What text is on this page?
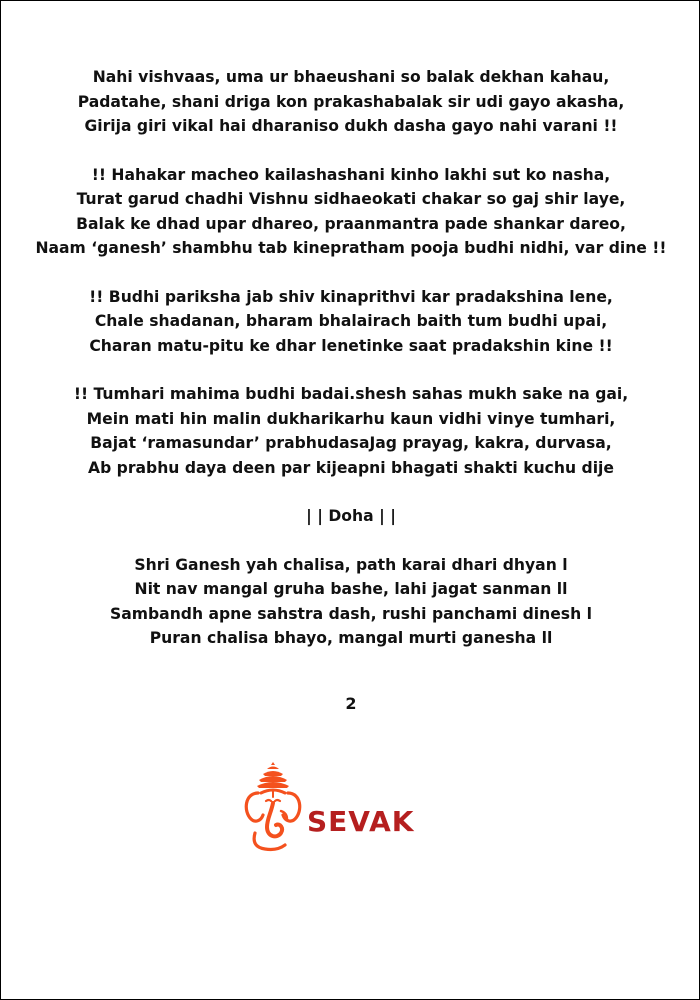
Nahi vishvaas, uma ur bhaeushani so balak dekhan kahau,
Padatahe, shani driga kon prakashabalak sir udi gayo akasha,
Girija giri vikal hai dharaniso dukh dasha gayo nahi varani !!
!! Hahakar macheo kailashashani kinho lakhi sut ko nasha,
Turat garud chadhi Vishnu sidhaeokati chakar so gaj shir laye,
Balak ke dhad upar dhareo, praanmantra pade shankar dareo,
Naam ‘ganesh’ shambhu tab kinepratham pooja budhi nidhi, var dine !!
!! Budhi pariksha jab shiv kinaprithvi kar pradakshina lene,
Chale shadanan, bharam bhalairach baith tum budhi upai,
Charan matu-pitu ke dhar lenetinke saat pradakshin kine !!
!! Tumhari mahima budhi badai.shesh sahas mukh sake na gai,
Mein mati hin malin dukharikarhu kaun vidhi vinye tumhari,
Bajat ‘ramasundar’ prabhudasaJag prayag, kakra, durvasa,
Ab prabhu daya deen par kijeapni bhagati shakti kuchu dije
| | Doha | |
Shri Ganesh yah chalisa, path karai dhari dhyan l
Nit nav mangal gruha bashe, lahi jagat sanman ll
Sambandh apne sahstra dash, rushi panchami dinesh l
Puran chalisa bhayo, mangal murti ganesha ll
2
SEVAK
